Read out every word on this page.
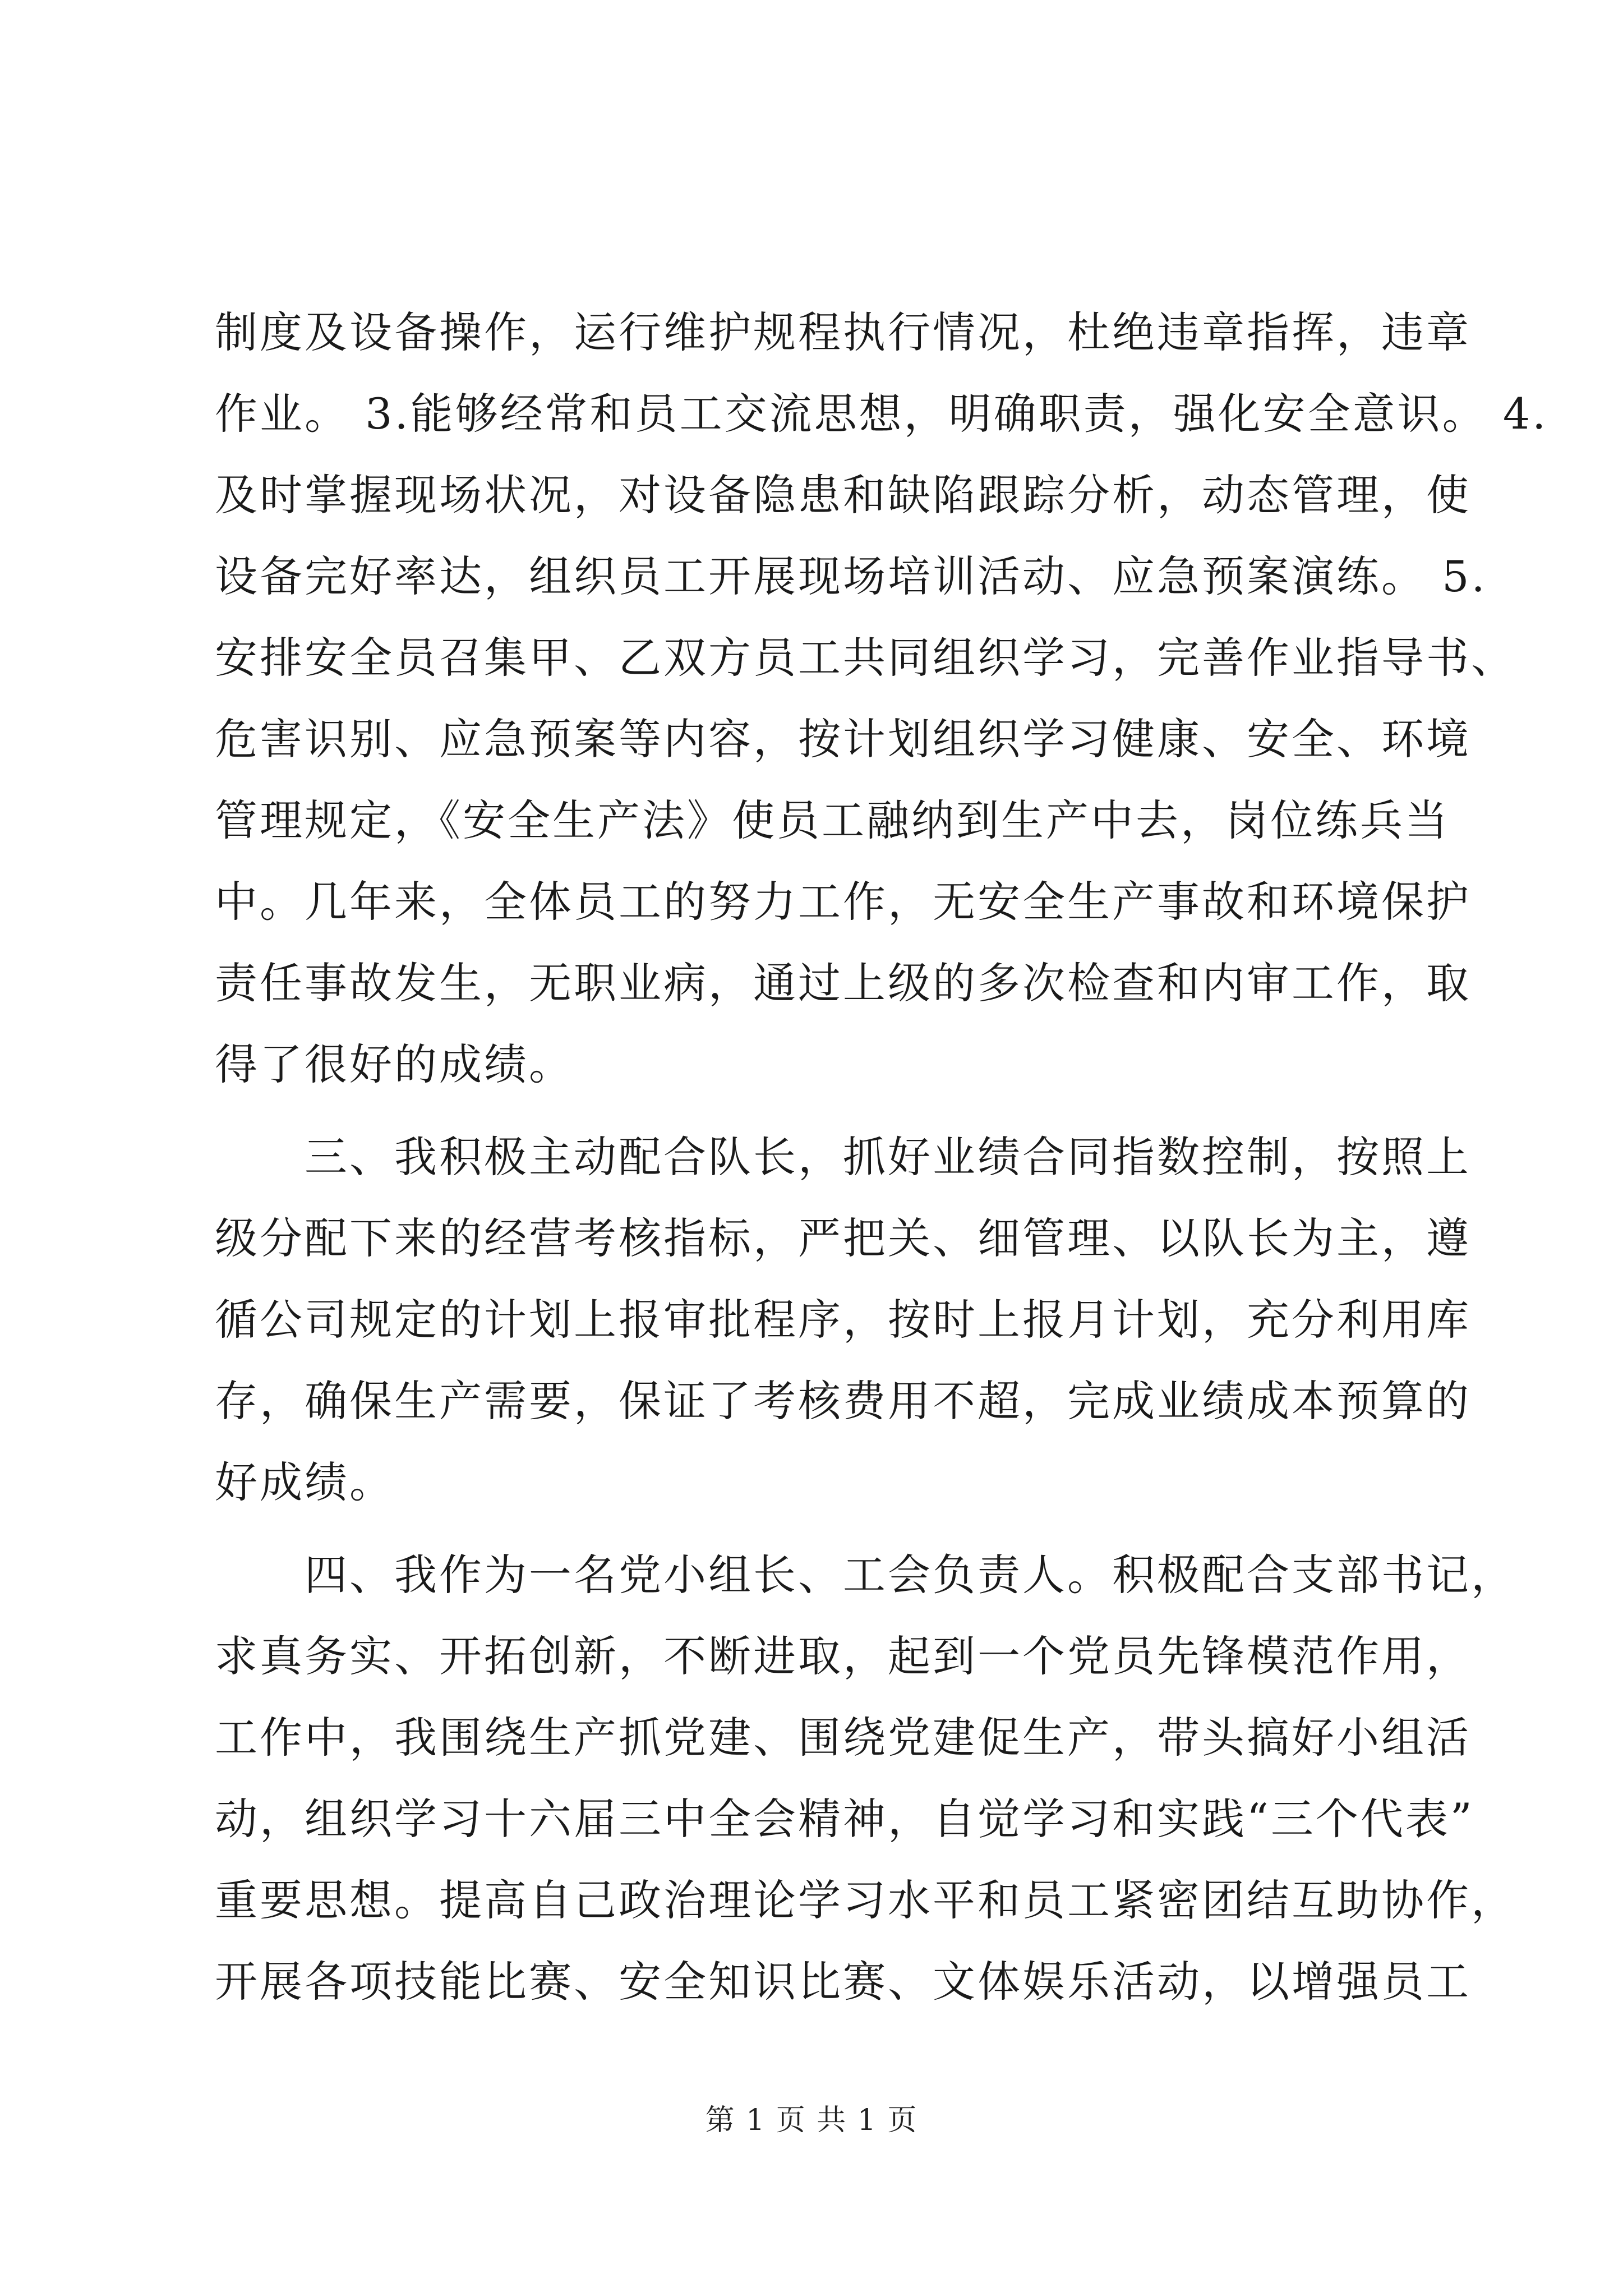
制度及设备操作，运行维护规程执行情况，杜绝违章指挥，违章
作业。 3.能够经常和员工交流思想，明确职责，强化安全意识。 4.
及时掌握现场状况，对设备隐患和缺陷跟踪分析，动态管理，使
设备完好率达，组织员工开展现场培训活动、应急预案演练。 5.
安排安全员召集甲、乙双方员工共同组织学习，完善作业指导书、
危害识别、应急预案等内容，按计划组织学习健康、安全、环境
管理规定，《安全生产法》使员工融纳到生产中去，岗位练兵当
中。几年来，全体员工的努力工作，无安全生产事故和环境保护
责任事故发生，无职业病，通过上级的多次检查和内审工作，取
得了很好的成绩。
三、我积极主动配合队长，抓好业绩合同指数控制，按照上
级分配下来的经营考核指标，严把关、细管理、以队长为主，遵
循公司规定的计划上报审批程序，按时上报月计划，充分利用库
存，确保生产需要，保证了考核费用不超，完成业绩成本预算的
好成绩。
四、我作为一名党小组长、工会负责人。积极配合支部书记，
求真务实、开拓创新，不断进取，起到一个党员先锋模范作用，
工作中，我围绕生产抓党建、围绕党建促生产，带头搞好小组活
动，组织学习十六届三中全会精神，自觉学习和实践“三个代表”
重要思想。提高自己政治理论学习水平和员工紧密团结互助协作，
开展各项技能比赛、安全知识比赛、文体娱乐活动，以增强员工
第 1 页 共 1 页
